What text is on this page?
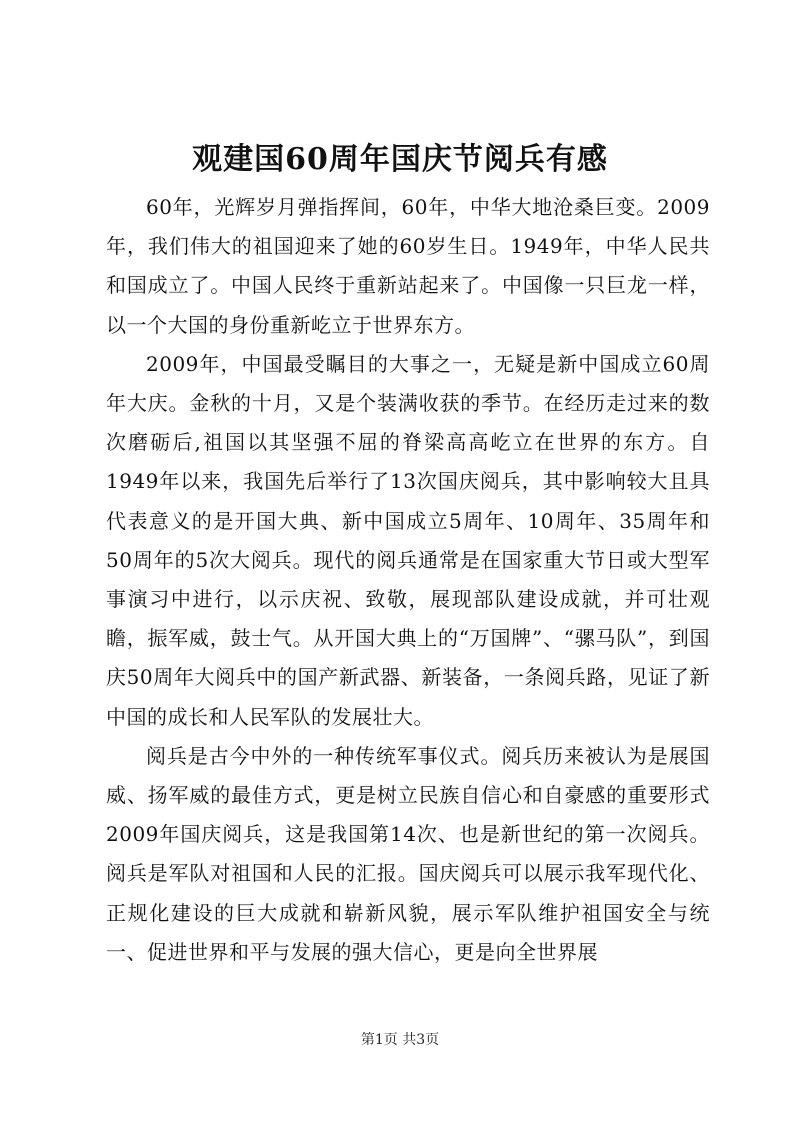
观建国60周年国庆节阅兵有感

60年，光辉岁月弹指挥间，60年，中华大地沧桑巨变。2009年，我们伟大的祖国迎来了她的60岁生日。1949年，中华人民共和国成立了。中国人民终于重新站起来了。中国像一只巨龙一样，以一个大国的身份重新屹立于世界东方。

2009年，中国最受瞩目的大事之一，无疑是新中国成立60周年大庆。金秋的十月，又是个装满收获的季节。在经历走过来的数次磨砺后,祖国以其坚强不屈的脊梁高高屹立在世界的东方。自1949年以来，我国先后举行了13次国庆阅兵，其中影响较大且具代表意义的是开国大典、新中国成立5周年、10周年、35周年和50周年的5次大阅兵。现代的阅兵通常是在国家重大节日或大型军事演习中进行，以示庆祝、致敬，展现部队建设成就，并可壮观瞻，振军威，鼓士气。从开国大典上的“万国牌”、“骡马队”，到国庆50周年大阅兵中的国产新武器、新装备，一条阅兵路，见证了新中国的成长和人民军队的发展壮大。

阅兵是古今中外的一种传统军事仪式。阅兵历来被认为是展国威、扬军威的最佳方式，更是树立民族自信心和自豪感的重要形式2009年国庆阅兵，这是我国第14次、也是新世纪的第一次阅兵。阅兵是军队对祖国和人民的汇报。国庆阅兵可以展示我军现代化、正规化建设的巨大成就和崭新风貌，展示军队维护祖国安全与统一、促进世界和平与发展的强大信心，更是向全世界展

第1页 共3页
